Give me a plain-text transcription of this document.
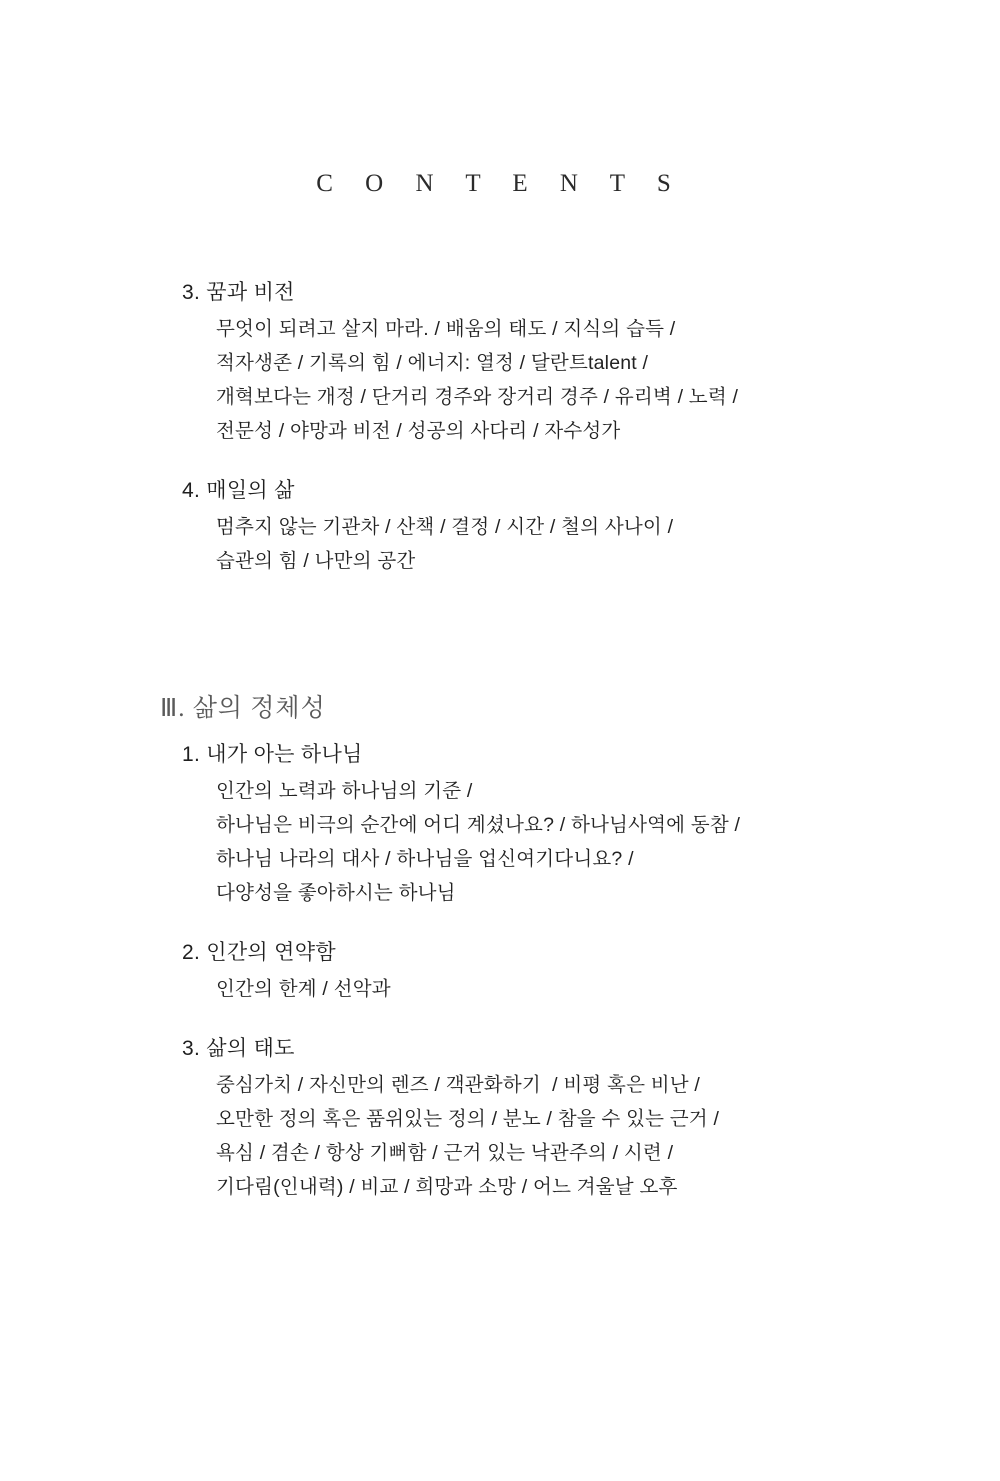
C O N T E N T S
3. 꿈과 비전
무엇이 되려고 살지 마라. / 배움의 태도 / 지식의 습득 /
적자생존 / 기록의 힘 / 에너지: 열정 / 달란트talent /
개혁보다는 개정 / 단거리 경주와 장거리 경주 / 유리벽 / 노력 /
전문성 / 야망과 비전 / 성공의 사다리 / 자수성가
4. 매일의 삶
멈추지 않는 기관차 / 산책 / 결정 / 시간 / 철의 사나이 /
습관의 힘 / 나만의 공간
Ⅲ. 삶의 정체성
1. 내가 아는 하나님
인간의 노력과 하나님의 기준 /
하나님은 비극의 순간에 어디 계셨나요? / 하나님사역에 동참 /
하나님 나라의 대사 / 하나님을 업신여기다니요? /
다양성을 좋아하시는 하나님
2. 인간의 연약함
인간의 한계 / 선악과
3. 삶의 태도
중심가치 / 자신만의 렌즈 / 객관화하기  / 비평 혹은 비난 /
오만한 정의 혹은 품위있는 정의 / 분노 / 참을 수 있는 근거 /
욕심 / 겸손 / 항상 기뻐함 / 근거 있는 낙관주의 / 시련 /
기다림(인내력) / 비교 / 희망과 소망 / 어느 겨울날 오후
